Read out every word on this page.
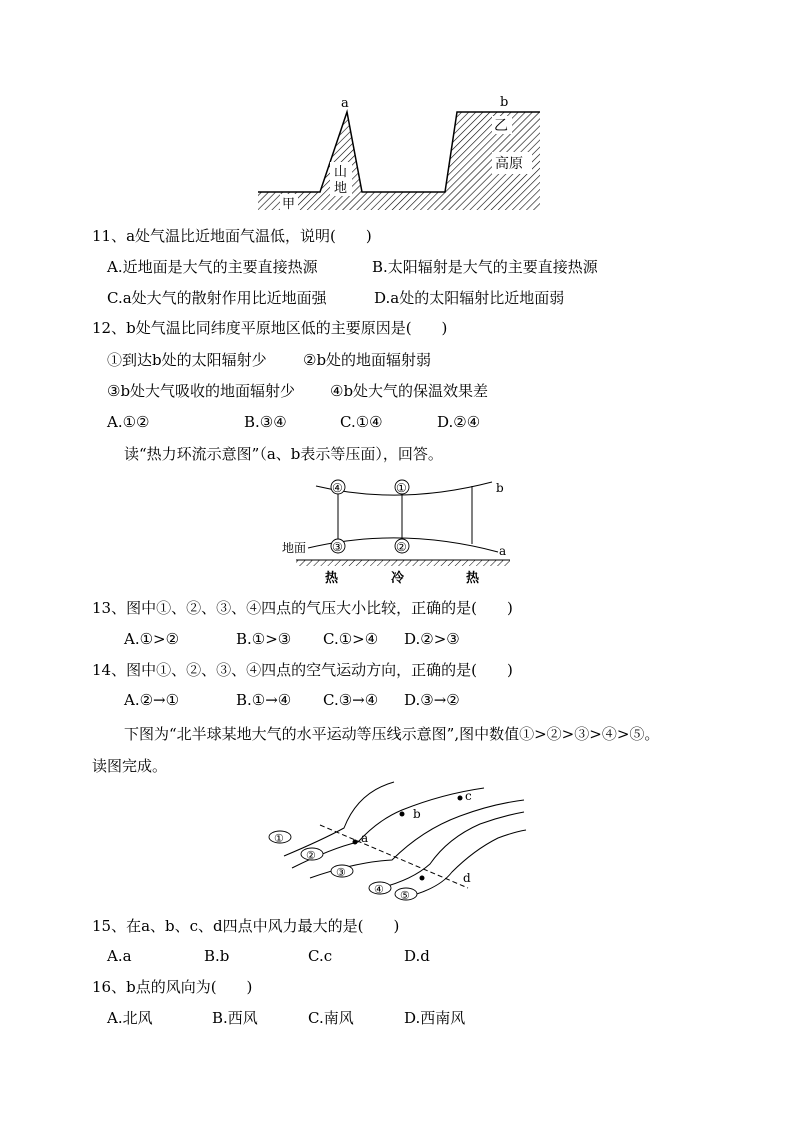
a	b
乙
高原
山地
甲
11、a处气温比近地面气温低，说明(　　)
A.近地面是大气的主要直接热源	B.太阳辐射是大气的主要直接热源
C.a处大气的散射作用比近地面强	D.a处的太阳辐射比近地面弱
12、b处气温比同纬度平原地区低的主要原因是(　　)
①到达b处的太阳辐射少 ②b处的地面辐射弱
③b处大气吸收的地面辐射少 ④b处大气的保温效果差
A.①②	B.③④	C.①④	D.②④
读“热力环流示意图”（a、b表示等压面），回答。
④	①
③	②
b
a
地面
热	冷	热
13、图中①、②、③、④四点的气压大小比较，正确的是(　　)
A.①>②	B.①>③ C.①>④ D.②>③
14、图中①、②、③、④四点的空气运动方向，正确的是(　　)
A.②→①	B.①→④ C.③→④ D.③→②
下图为“北半球某地大气的水平运动等压线示意图”,图中数值①>②>③>④>⑤。
读图完成。
a
b
c
d
①
②
③
④ ⑤
15、在a、b、c、d四点中风力最大的是(　　)
A.a	B.b	C.c	D.d
16、b点的风向为(　　)
A.北风	B.西风	C.南风	D.西南风
